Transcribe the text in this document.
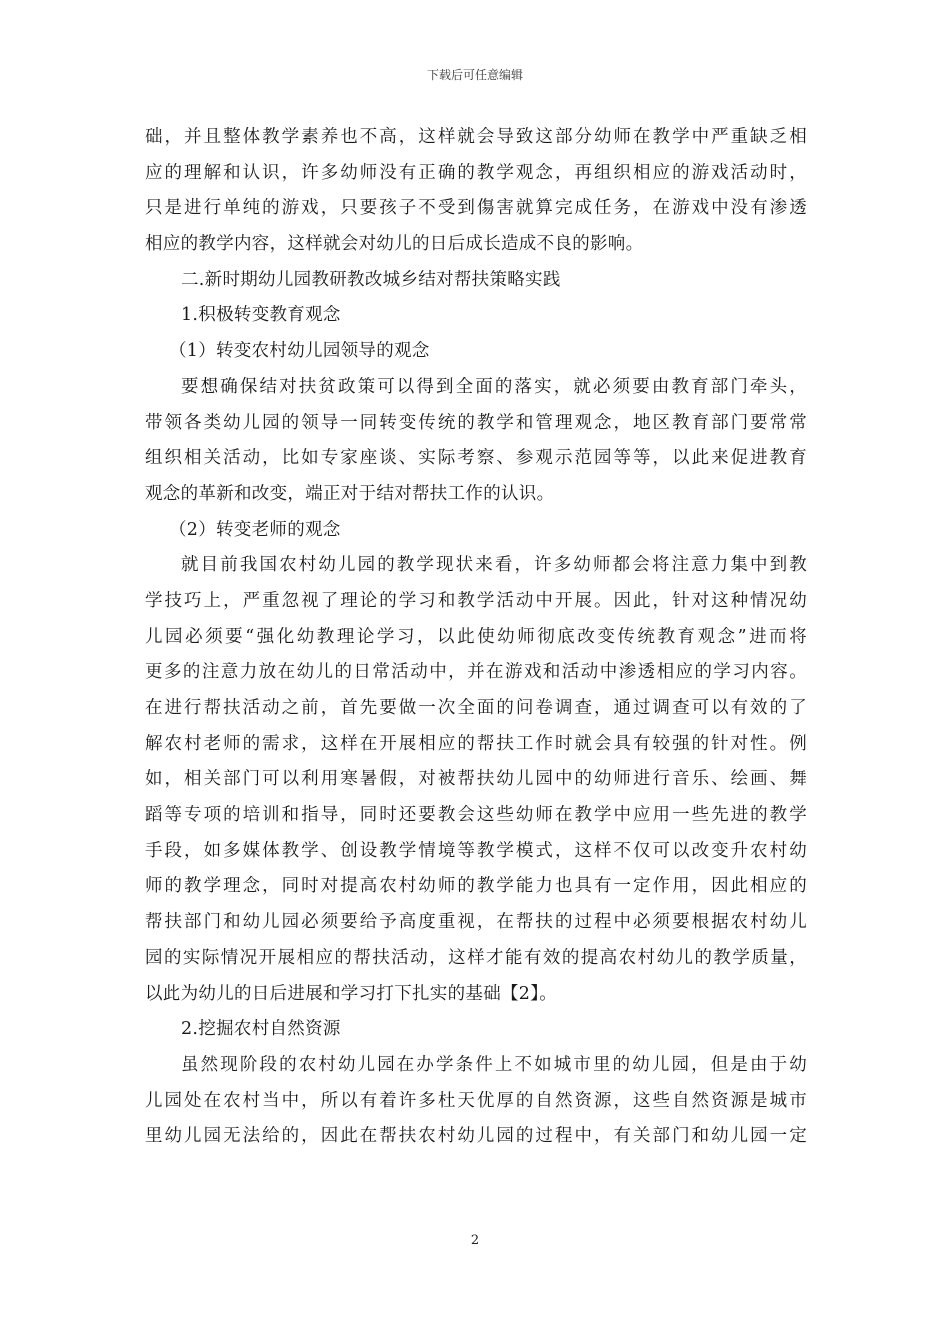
下载后可任意编辑
础，并且整体教学素养也不高，这样就会导致这部分幼师在教学中严重缺乏相
应的理解和认识，许多幼师没有正确的教学观念，再组织相应的游戏活动时，
只是进行单纯的游戏，只要孩子不受到傷害就算完成任务，在游戏中没有渗透
相应的教学内容，这样就会对幼儿的日后成长造成不良的影响。
二.新时期幼儿园教研教改城乡结对帮扶策略实践
1.积极转变教育观念
（1）转变农村幼儿园领导的观念
要想确保结对扶贫政策可以得到全面的落实，就必须要由教育部门牵头，
带领各类幼儿园的领导一同转变传统的教学和管理观念，地区教育部门要常常
组织相关活动，比如专家座谈、实际考察、参观示范园等等，以此来促进教育
观念的革新和改变，端正对于结对帮扶工作的认识。
（2）转变老师的观念
就目前我国农村幼儿园的教学现状来看，许多幼师都会将注意力集中到教
学技巧上，严重忽视了理论的学习和教学活动中开展。因此，针对这种情况幼
儿园必须要“强化幼教理论学习，以此使幼师彻底改变传统教育观念”进而将
更多的注意力放在幼儿的日常活动中，并在游戏和活动中渗透相应的学习内容。
在进行帮扶活动之前，首先要做一次全面的问卷调查，通过调查可以有效的了
解农村老师的需求，这样在开展相应的帮扶工作时就会具有较强的针对性。例
如，相关部门可以利用寒暑假，对被帮扶幼儿园中的幼师进行音乐、绘画、舞
蹈等专项的培训和指导，同时还要教会这些幼师在教学中应用一些先进的教学
手段，如多媒体教学、创设教学情境等教学模式，这样不仅可以改变升农村幼
师的教学理念，同时对提高农村幼师的教学能力也具有一定作用，因此相应的
帮扶部门和幼儿园必须要给予高度重视，在帮扶的过程中必须要根据农村幼儿
园的实际情况开展相应的帮扶活动，这样才能有效的提高农村幼儿的教学质量，
以此为幼儿的日后进展和学习打下扎实的基础【2】。
2.挖掘农村自然资源
虽然现阶段的农村幼儿园在办学条件上不如城市里的幼儿园，但是由于幼
儿园处在农村当中，所以有着许多杜天优厚的自然资源，这些自然资源是城市
里幼儿园无法给的，因此在帮扶农村幼儿园的过程中，有关部门和幼儿园一定
2
